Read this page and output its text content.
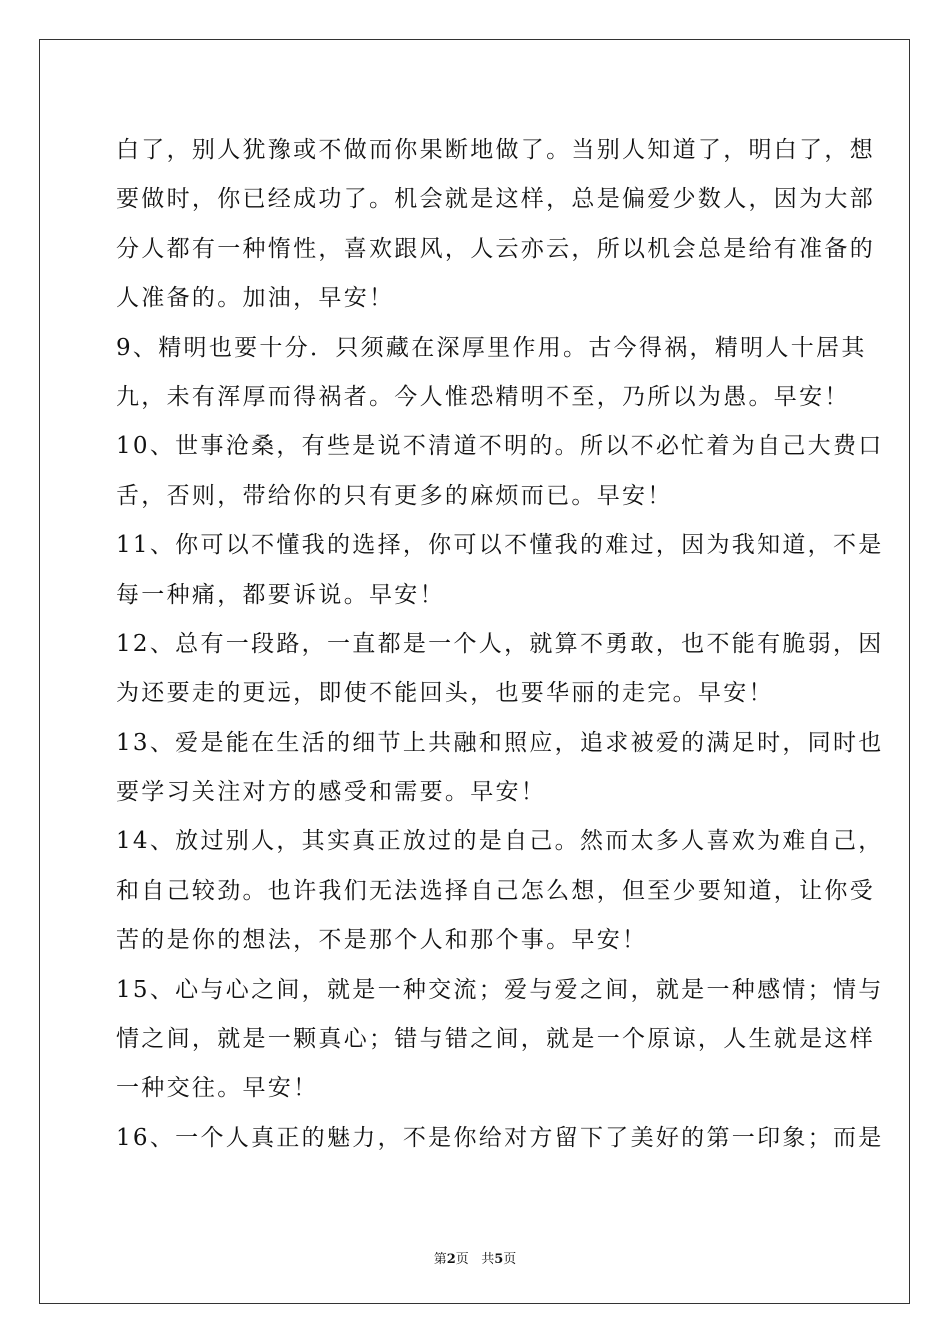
白了，别人犹豫或不做而你果断地做了。当别人知道了，明白了，想
要做时，你已经成功了。机会就是这样，总是偏爱少数人，因为大部
分人都有一种惰性，喜欢跟风，人云亦云，所以机会总是给有准备的
人准备的。加油，早安！
9、精明也要十分．只须藏在深厚里作用。古今得祸，精明人十居其
九，未有浑厚而得祸者。今人惟恐精明不至，乃所以为愚。早安！
10、世事沧桑，有些是说不清道不明的。所以不必忙着为自己大费口
舌，否则，带给你的只有更多的麻烦而已。早安！
11、你可以不懂我的选择，你可以不懂我的难过，因为我知道，不是
每一种痛，都要诉说。早安！
12、总有一段路，一直都是一个人，就算不勇敢，也不能有脆弱，因
为还要走的更远，即使不能回头，也要华丽的走完。早安！
13、爱是能在生活的细节上共融和照应，追求被爱的满足时，同时也
要学习关注对方的感受和需要。早安！
14、放过别人，其实真正放过的是自己。然而太多人喜欢为难自己，
和自己较劲。也许我们无法选择自己怎么想，但至少要知道，让你受
苦的是你的想法，不是那个人和那个事。早安！
15、心与心之间，就是一种交流；爱与爱之间，就是一种感情；情与
情之间，就是一颗真心；错与错之间，就是一个原谅，人生就是这样
一种交往。早安！
16、一个人真正的魅力，不是你给对方留下了美好的第一印象；而是
第2页 共5页
